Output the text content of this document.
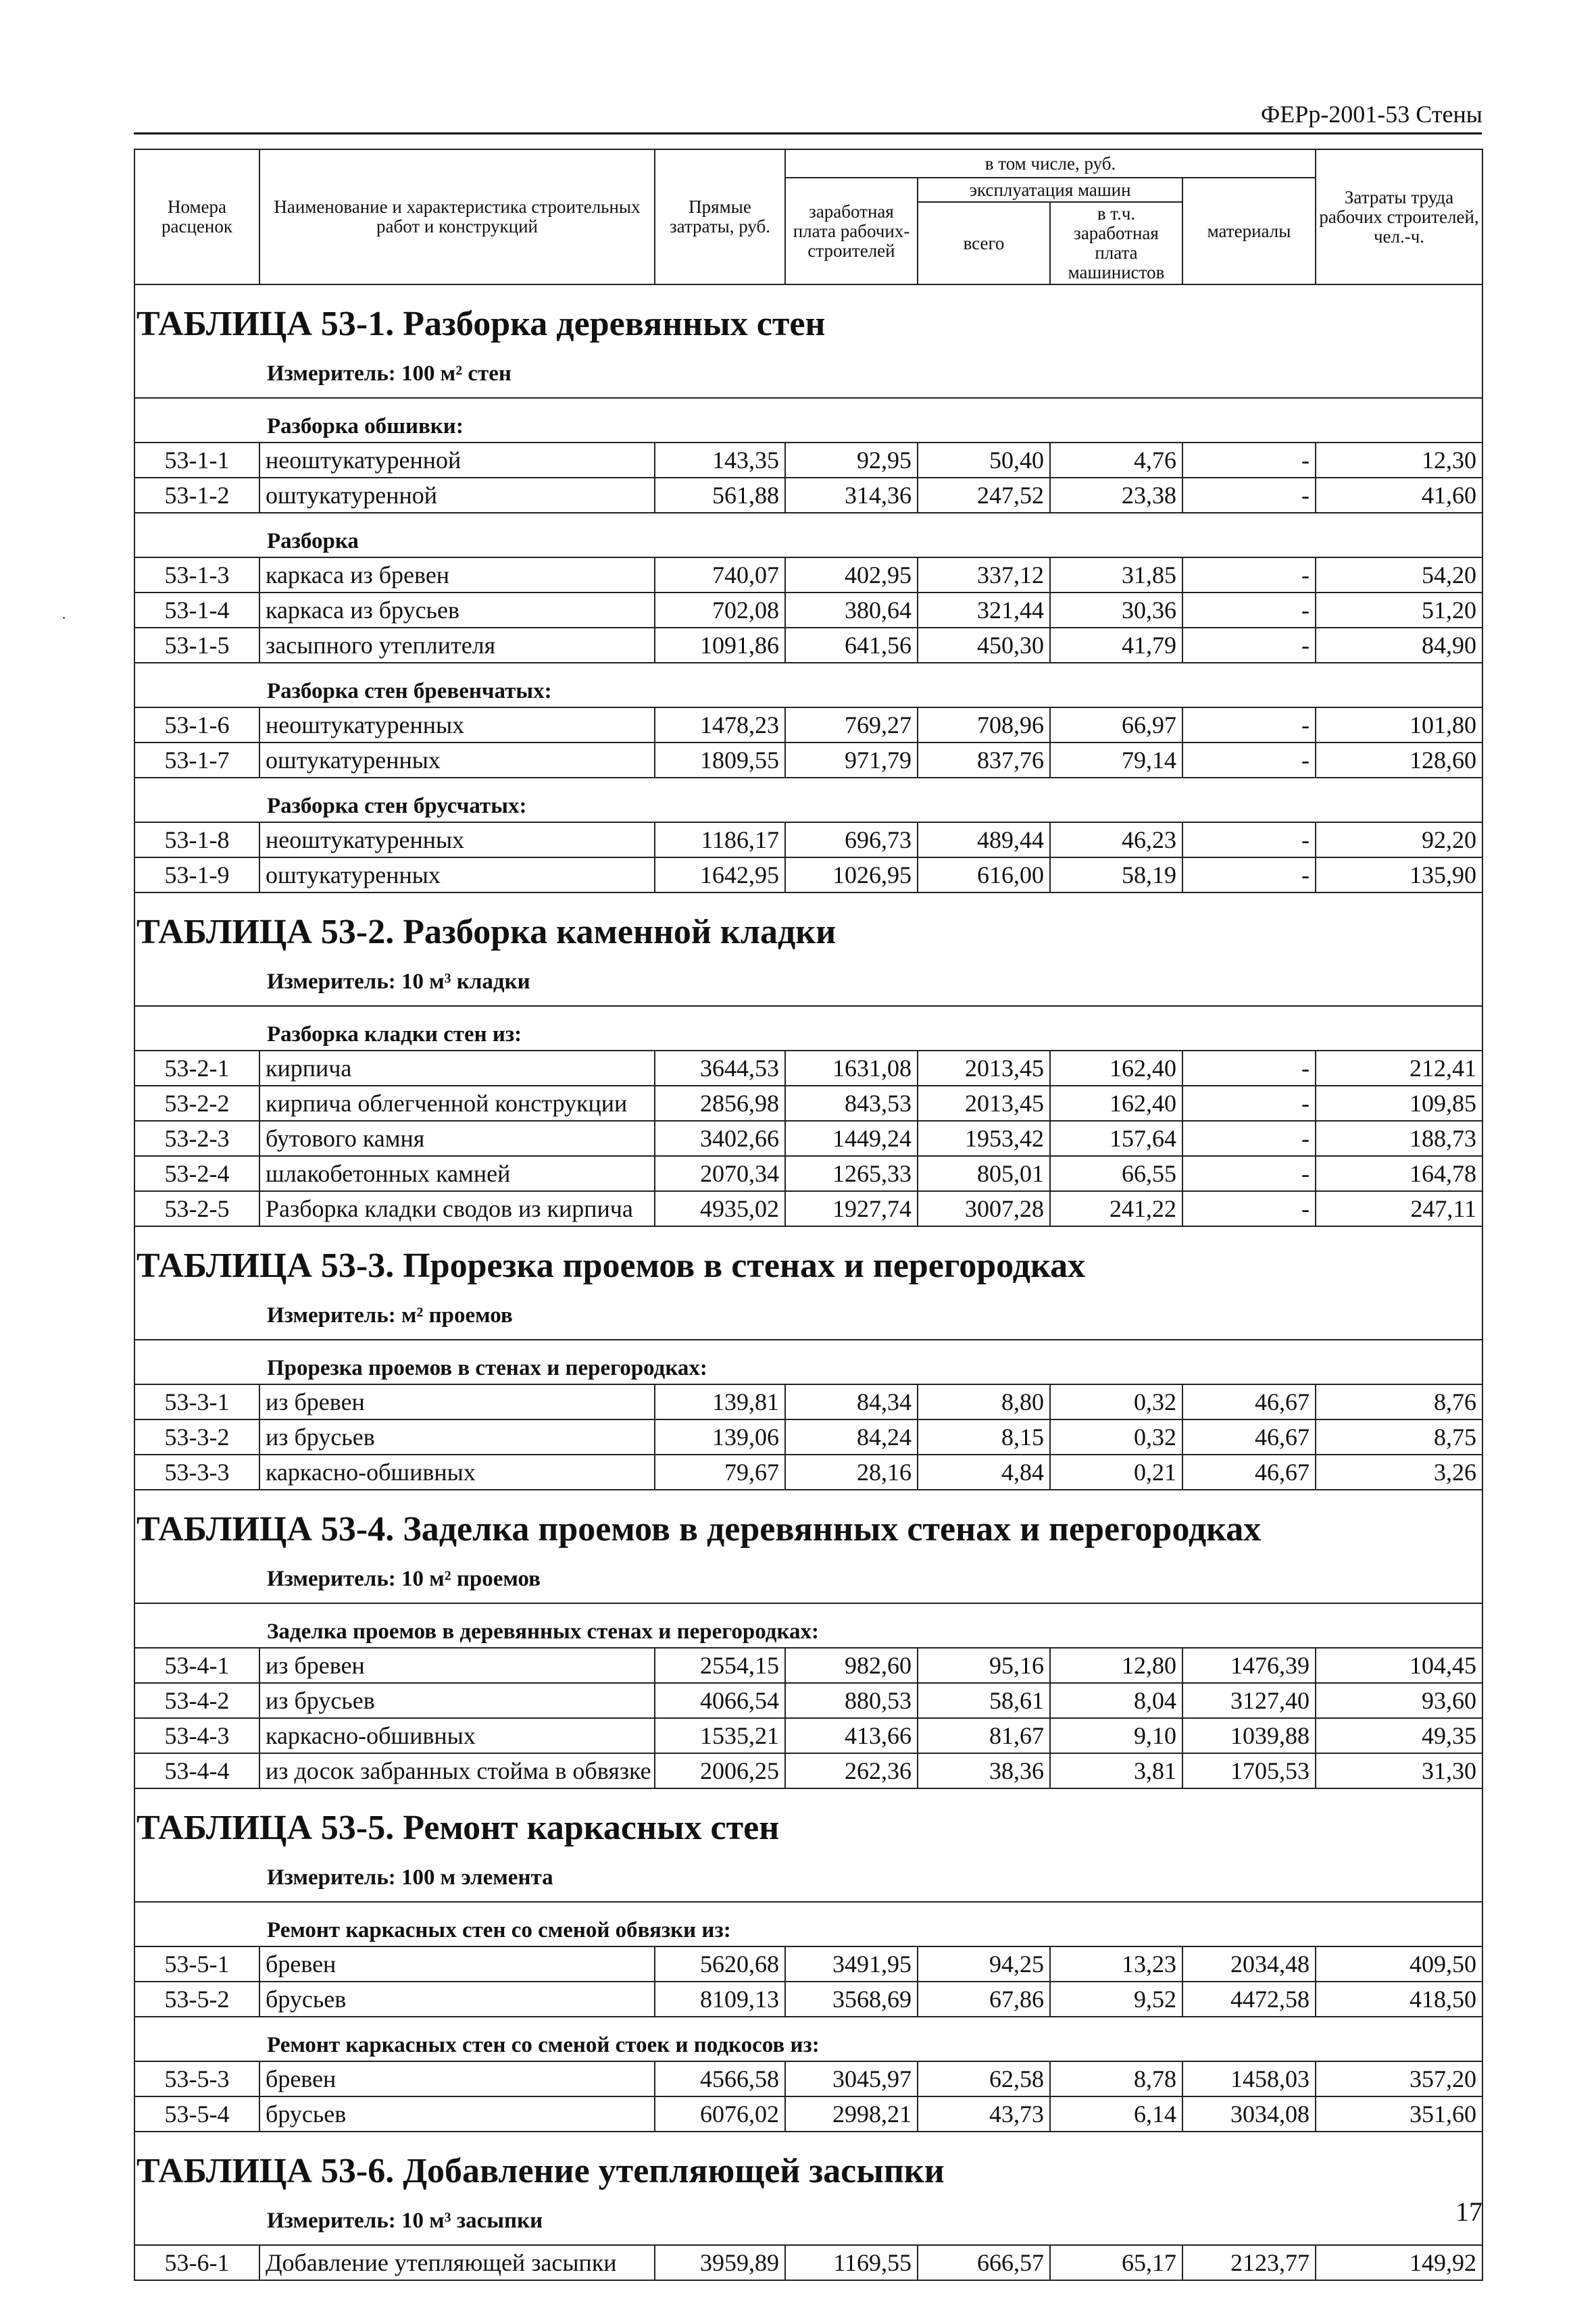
ФЕРр-2001-53 Стены
Номера расценок	Наименование и характеристика строительных работ и конструкций	Прямые затраты, руб.	в том числе, руб.				Затраты труда рабочих строителей, чел.-ч.
			заработная плата рабочих-строителей	эксплуатация машин		материалы	
				всего	в т.ч. заработная плата машинистов		
ТАБЛИЦА 53-1. Разборка деревянных стен							
Измеритель: 100 м² стен							
Разборка обшивки:							
53-1-1	неоштукатуренной	143,35	92,95	50,40	4,76	-	12,30
53-1-2	оштукатуренной	561,88	314,36	247,52	23,38	-	41,60
Разборка							
53-1-3	каркаса из бревен	740,07	402,95	337,12	31,85	-	54,20
53-1-4	каркаса из брусьев	702,08	380,64	321,44	30,36	-	51,20
53-1-5	засыпного утеплителя	1091,86	641,56	450,30	41,79	-	84,90
Разборка стен бревенчатых:							
53-1-6	неоштукатуренных	1478,23	769,27	708,96	66,97	-	101,80
53-1-7	оштукатуренных	1809,55	971,79	837,76	79,14	-	128,60
Разборка стен брусчатых:							
53-1-8	неоштукатуренных	1186,17	696,73	489,44	46,23	-	92,20
53-1-9	оштукатуренных	1642,95	1026,95	616,00	58,19	-	135,90
ТАБЛИЦА 53-2. Разборка каменной кладки							
Измеритель: 10 м³ кладки							
Разборка кладки стен из:							
53-2-1	кирпича	3644,53	1631,08	2013,45	162,40	-	212,41
53-2-2	кирпича облегченной конструкции	2856,98	843,53	2013,45	162,40	-	109,85
53-2-3	бутового камня	3402,66	1449,24	1953,42	157,64	-	188,73
53-2-4	шлакобетонных камней	2070,34	1265,33	805,01	66,55	-	164,78
53-2-5	Разборка кладки сводов из кирпича	4935,02	1927,74	3007,28	241,22	-	247,11
ТАБЛИЦА 53-3. Прорезка проемов в стенах и перегородках							
Измеритель: м² проемов							
Прорезка проемов в стенах и перегородках:							
53-3-1	из бревен	139,81	84,34	8,80	0,32	46,67	8,76
53-3-2	из брусьев	139,06	84,24	8,15	0,32	46,67	8,75
53-3-3	каркасно-обшивных	79,67	28,16	4,84	0,21	46,67	3,26
ТАБЛИЦА 53-4. Заделка проемов в деревянных стенах и перегородках							
Измеритель: 10 м² проемов							
Заделка проемов в деревянных стенах и перегородках:							
53-4-1	из бревен	2554,15	982,60	95,16	12,80	1476,39	104,45
53-4-2	из брусьев	4066,54	880,53	58,61	8,04	3127,40	93,60
53-4-3	каркасно-обшивных	1535,21	413,66	81,67	9,10	1039,88	49,35
53-4-4	из досок забранных стойма в обвязке	2006,25	262,36	38,36	3,81	1705,53	31,30
ТАБЛИЦА 53-5. Ремонт каркасных стен							
Измеритель: 100 м элемента							
Ремонт каркасных стен со сменой обвязки из:							
53-5-1	бревен	5620,68	3491,95	94,25	13,23	2034,48	409,50
53-5-2	брусьев	8109,13	3568,69	67,86	9,52	4472,58	418,50
Ремонт каркасных стен со сменой стоек и подкосов из:							
53-5-3	бревен	4566,58	3045,97	62,58	8,78	1458,03	357,20
53-5-4	брусьев	6076,02	2998,21	43,73	6,14	3034,08	351,60
ТАБЛИЦА 53-6. Добавление утепляющей засыпки							
Измеритель: 10 м³ засыпки							
53-6-1	Добавление утепляющей засыпки	3959,89	1169,55	666,57	65,17	2123,77	149,92
17
